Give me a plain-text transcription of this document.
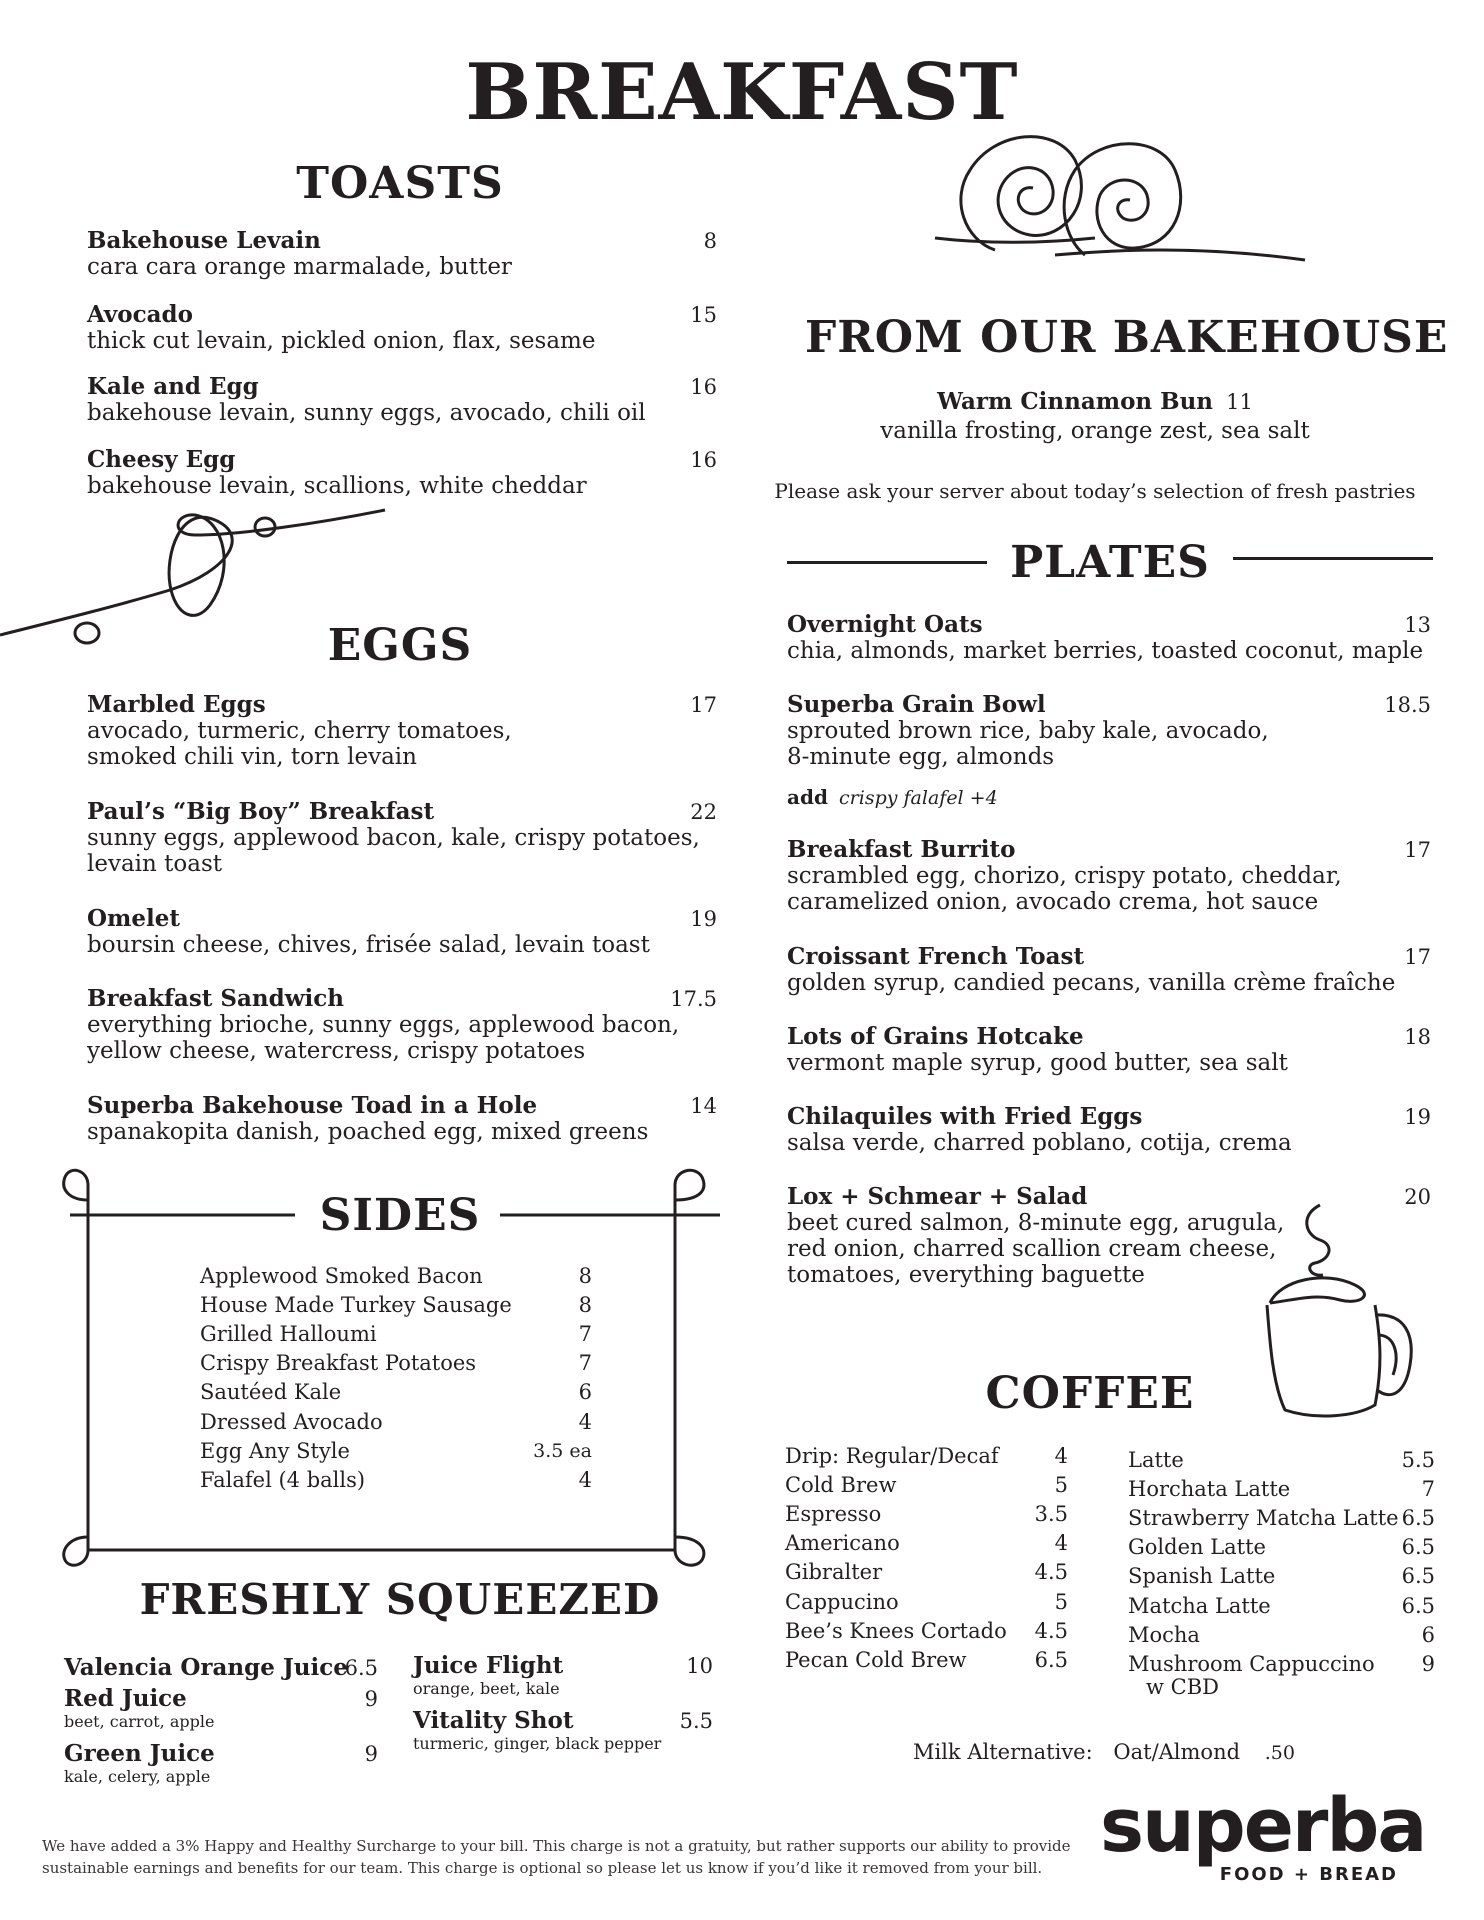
BREAKFAST
TOASTS
Bakehouse Levain
cara cara orange marmalade, butter
8
Avocado
thick cut levain, pickled onion, flax, sesame
15
Kale and Egg
bakehouse levain, sunny eggs, avocado, chili oil
16
Cheesy Egg
bakehouse levain, scallions, white cheddar
16
EGGS
Marbled Eggs
avocado, turmeric, cherry tomatoes,
smoked chili vin, torn levain
17
Paul’s “Big Boy” Breakfast
sunny eggs, applewood bacon, kale, crispy potatoes,
levain toast
22
Omelet
boursin cheese, chives, frisée salad, levain toast
19
Breakfast Sandwich
everything brioche, sunny eggs, applewood bacon,
yellow cheese, watercress, crispy potatoes
17.5
Superba Bakehouse Toad in a Hole
spanakopita danish, poached egg, mixed greens
14
SIDES
Applewood Smoked Bacon	8
House Made Turkey Sausage	8
Grilled Halloumi	7
Crispy Breakfast Potatoes	7
Sautéed Kale	6
Dressed Avocado	4
Egg Any Style	3.5 ea
Falafel (4 balls)	4
FRESHLY SQUEEZED
Valencia Orange Juice
6.5
Red Juice
beet, carrot, apple
9
Green Juice
kale, celery, apple
9
Juice Flight
orange, beet, kale
10
Vitality Shot
turmeric, ginger, black pepper
5.5
FROM OUR BAKEHOUSE
Warm Cinnamon Bun 11
vanilla frosting, orange zest, sea salt
Please ask your server about today’s selection of fresh pastries
PLATES
Overnight Oats
chia, almonds, market berries, toasted coconut, maple
13
Superba Grain Bowl
sprouted brown rice, baby kale, avocado,
8-minute egg, almonds
18.5
add crispy falafel +4
Breakfast Burrito
scrambled egg, chorizo, crispy potato, cheddar,
caramelized onion, avocado crema, hot sauce
17
Croissant French Toast
golden syrup, candied pecans, vanilla crème fraîche
17
Lots of Grains Hotcake
vermont maple syrup, good butter, sea salt
18
Chilaquiles with Fried Eggs
salsa verde, charred poblano, cotija, crema
19
Lox + Schmear + Salad
beet cured salmon, 8-minute egg, arugula,
red onion, charred scallion cream cheese,
tomatoes, everything baguette
20
COFFEE
Drip: Regular/Decaf	4
Cold Brew	5
Espresso	3.5
Americano	4
Gibralter	4.5
Cappucino	5
Bee’s Knees Cortado 4.5
Pecan Cold Brew	6.5
Latte	5.5
Horchata Latte	7
Strawberry Matcha Latte 6.5
Golden Latte	6.5
Spanish Latte	6.5
Matcha Latte	6.5
Mocha	6
Mushroom Cappuccino 9
w CBD
Milk Alternative: Oat/Almond .50
We have added a 3% Happy and Healthy Surcharge to your bill. This charge is not a gratuity, but rather supports our ability to provide
sustainable earnings and benefits for our team. This charge is optional so please let us know if you’d like it removed from your bill. superba
FOOD + BREAD
